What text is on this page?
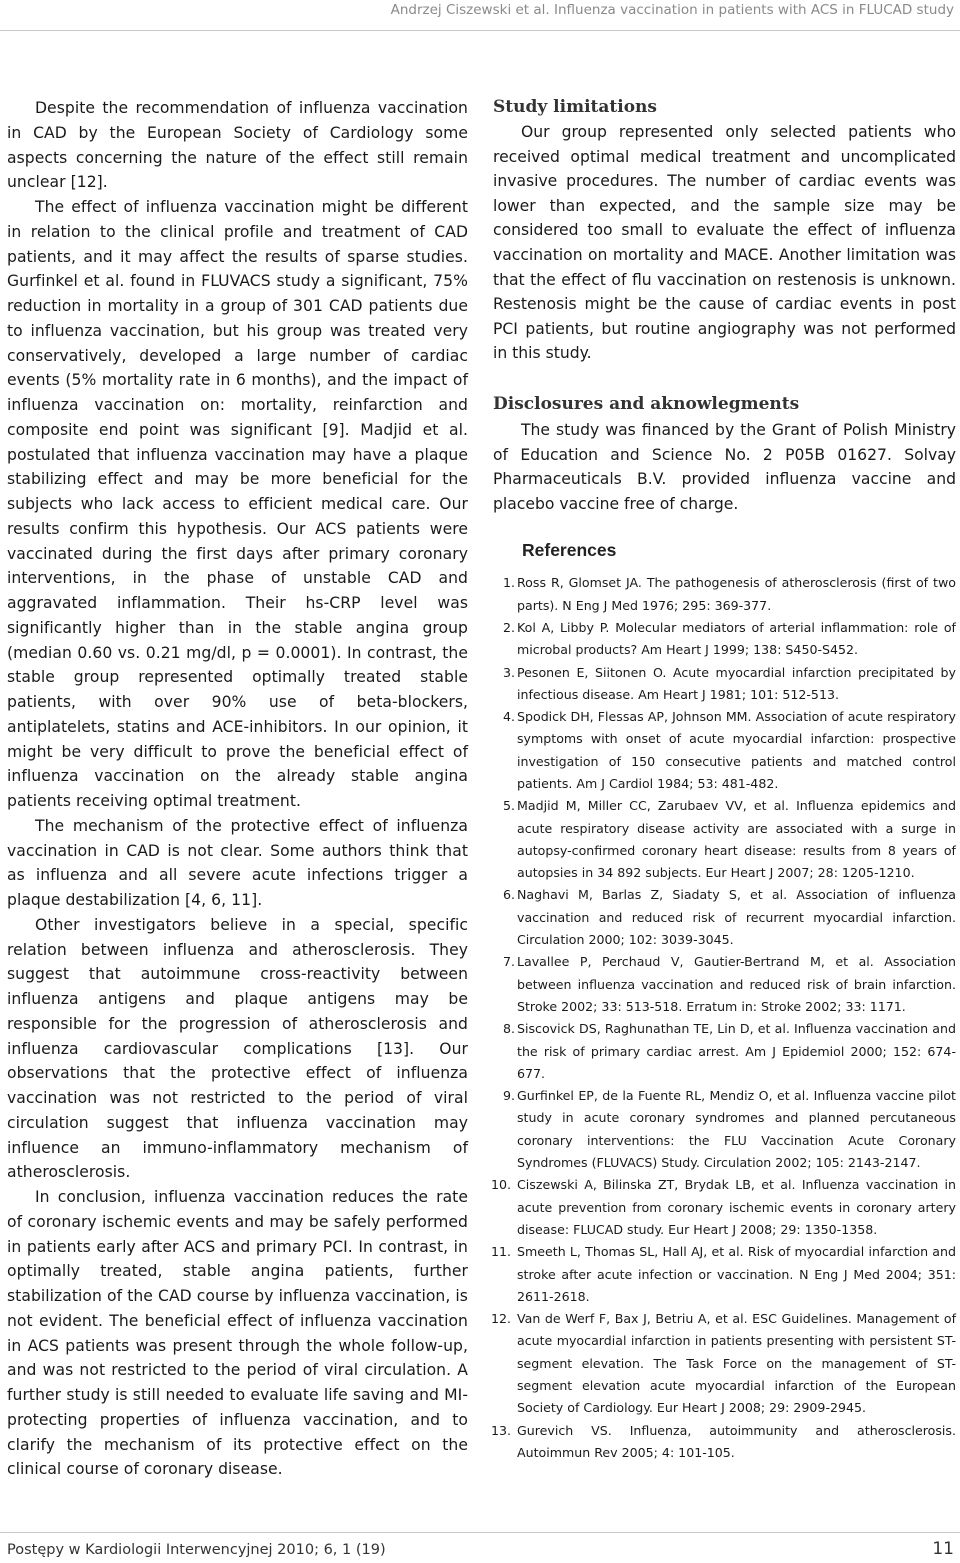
Andrzej Ciszewski et al. Influenza vaccination in patients with ACS in FLUCAD study

Despite the recommendation of influenza vaccination in CAD by the European Society of Cardiology some aspects concerning the nature of the effect still remain unclear [12].

The effect of influenza vaccination might be different in relation to the clinical profile and treatment of CAD patients, and it may affect the results of sparse studies. Gurfinkel et al. found in FLUVACS study a significant, 75% reduction in mortality in a group of 301 CAD patients due to influenza vaccination, but his group was treated very conservatively, developed a large number of cardiac events (5% mortality rate in 6 months), and the impact of influenza vaccination on: mortality, reinfarction and composite end point was significant [9]. Madjid et al. postulated that influenza vaccination may have a plaque stabilizing effect and may be more beneficial for the subjects who lack access to efficient medical care. Our results confirm this hypothesis. Our ACS patients were vaccinated during the first days after primary coronary interventions, in the phase of unstable CAD and aggravated inflammation. Their hs-CRP level was significantly higher than in the stable angina group (median 0.60 vs. 0.21 mg/dl, p = 0.0001). In contrast, the stable group represented optimally treated stable patients, with over 90% use of beta-blockers, antiplatelets, statins and ACE-inhibitors. In our opinion, it might be very difficult to prove the beneficial effect of influenza vaccination on the already stable angina patients receiving optimal treatment.

The mechanism of the protective effect of influenza vaccination in CAD is not clear. Some authors think that as influenza and all severe acute infections trigger a plaque destabilization [4, 6, 11].

Other investigators believe in a special, specific relation between influenza and atherosclerosis. They suggest that autoimmune cross-reactivity between influenza antigens and plaque antigens may be responsible for the progression of atherosclerosis and influenza cardiovascular complications [13]. Our observations that the protective effect of influenza vaccination was not restricted to the period of viral circulation suggest that influenza vaccination may influence an immuno-inflammatory mechanism of atherosclerosis.

In conclusion, influenza vaccination reduces the rate of coronary ischemic events and may be safely performed in patients early after ACS and primary PCI. In contrast, in optimally treated, stable angina patients, further stabilization of the CAD course by influenza vaccination, is not evident. The beneficial effect of influenza vaccination in ACS patients was present through the whole follow-up, and was not restricted to the period of viral circulation. A further study is still needed to evaluate life saving and MI-protecting properties of influenza vaccination, and to clarify the mechanism of its protective effect on the clinical course of coronary disease.

Study limitations

Our group represented only selected patients who received optimal medical treatment and uncomplicated invasive procedures. The number of cardiac events was lower than expected, and the sample size may be considered too small to evaluate the effect of influenza vaccination on mortality and MACE. Another limitation was that the effect of flu vaccination on restenosis is unknown. Restenosis might be the cause of cardiac events in post PCI patients, but routine angiography was not performed in this study.

Disclosures and aknowlegments

The study was financed by the Grant of Polish Ministry of Education and Science No. 2 P05B 01627. Solvay Pharmaceuticals B.V. provided influenza vaccine and placebo vaccine free of charge.

References
1. Ross R, Glomset JA. The pathogenesis of atherosclerosis (first of two parts). N Eng J Med 1976; 295: 369-377.
2. Kol A, Libby P. Molecular mediators of arterial inflammation: role of microbal products? Am Heart J 1999; 138: S450-S452.
3. Pesonen E, Siitonen O. Acute myocardial infarction precipitated by infectious disease. Am Heart J 1981; 101: 512-513.
4. Spodick DH, Flessas AP, Johnson MM. Association of acute respiratory symptoms with onset of acute myocardial infarction: prospective investigation of 150 consecutive patients and matched control patients. Am J Cardiol 1984; 53: 481-482.
5. Madjid M, Miller CC, Zarubaev VV, et al. Influenza epidemics and acute respiratory disease activity are associated with a surge in autopsy-confirmed coronary heart disease: results from 8 years of autopsies in 34 892 subjects. Eur Heart J 2007; 28: 1205-1210.
6. Naghavi M, Barlas Z, Siadaty S, et al. Association of influenza vaccination and reduced risk of recurrent myocardial infarction. Circulation 2000; 102: 3039-3045.
7. Lavallee P, Perchaud V, Gautier-Bertrand M, et al. Association between influenza vaccination and reduced risk of brain infarction. Stroke 2002; 33: 513-518. Erratum in: Stroke 2002; 33: 1171.
8. Siscovick DS, Raghunathan TE, Lin D, et al. Influenza vaccination and the risk of primary cardiac arrest. Am J Epidemiol 2000; 152: 674-677.
9. Gurfinkel EP, de la Fuente RL, Mendiz O, et al. Influenza vaccine pilot study in acute coronary syndromes and planned percutaneous coronary interventions: the FLU Vaccination Acute Coronary Syndromes (FLUVACS) Study. Circulation 2002; 105: 2143-2147.
10. Ciszewski A, Bilinska ZT, Brydak LB, et al. Influenza vaccination in acute prevention from coronary ischemic events in coronary artery disease: FLUCAD study. Eur Heart J 2008; 29: 1350-1358.
11. Smeeth L, Thomas SL, Hall AJ, et al. Risk of myocardial infarction and stroke after acute infection or vaccination. N Eng J Med 2004; 351: 2611-2618.
12. Van de Werf F, Bax J, Betriu A, et al. ESC Guidelines. Management of acute myocardial infarction in patients presenting with persistent ST-segment elevation. The Task Force on the management of ST-segment elevation acute myocardial infarction of the European Society of Cardiology. Eur Heart J 2008; 29: 2909-2945.
13. Gurevich VS. Influenza, autoimmunity and atherosclerosis. Autoimmun Rev 2005; 4: 101-105.
Postępy w Kardiologii Interwencyjnej 2010; 6, 1 (19)	11
